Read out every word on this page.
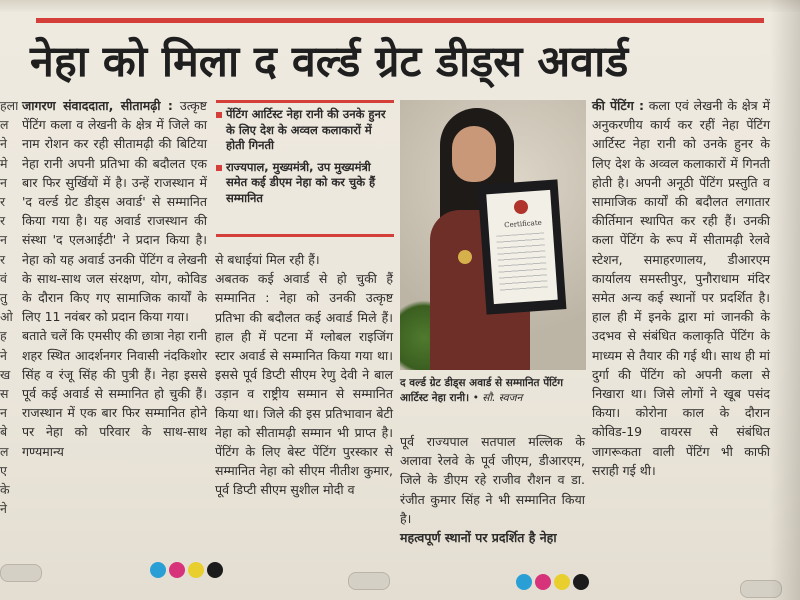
नेहा को मिला द वर्ल्ड ग्रेट डीड्स अवार्ड
हला
ल
ने
मे
न
र
र
न
र
वं
तु
ओ
ह
ने
ख
स
न
बे
ल
ए
के
ने

जागरण संवाददाता, सीतामढ़ी : उत्कृष्ट पेंटिंग कला व लेखनी के क्षेत्र में जिले का नाम रोशन कर रही सीतामढ़ी की बिटिया नेहा रानी अपनी प्रतिभा की बदौलत एक बार फिर सुर्खियों में है। उन्हें राजस्थान में 'द वर्ल्ड ग्रेट डीड्स अवार्ड' से सम्मानित किया गया है। यह अवार्ड राजस्थान की संस्था 'द एलआईटी' ने प्रदान किया है। नेहा को यह अवार्ड उनकी पेंटिंग व लेखनी के साथ-साथ जल संरक्षण, योग, कोविड के दौरान किए गए सामाजिक कार्यों के लिए 11 नवंबर को प्रदान किया गया।

बताते चलें कि एमसीए की छात्रा नेहा रानी शहर स्थित आदर्शनगर निवासी नंदकिशोर सिंह व रंजू सिंह की पुत्री हैं। नेहा इससे पूर्व कई अवार्ड से सम्मानित हो चुकी हैं। राजस्थान में एक बार फिर सम्मानित होने पर नेहा को परिवार के साथ-साथ गण्यमान्य

पेंटिंग आर्टिस्ट नेहा रानी की उनके हुनर के लिए देश के अव्वल कलाकारों में होती गिनती
राज्यपाल, मुख्यमंत्री, उप मुख्यमंत्री समेत कई डीएम नेहा को कर चुके हैं सम्मानित

से बधाईयां मिल रही हैं।

अबतक कई अवार्ड से हो चुकी हैं सम्मानित : नेहा को उनकी उत्कृष्ट प्रतिभा की बदौलत कई अवार्ड मिले हैं। हाल ही में पटना में ग्लोबल राइजिंग स्टार अवार्ड से सम्मानित किया गया था। इससे पूर्व डिप्टी सीएम रेणु देवी ने बाल उड़ान व राष्ट्रीय सम्मान से सम्मानित किया था। जिले की इस प्रतिभावान बेटी नेहा को सीतामढ़ी सम्मान भी प्राप्त है। पेंटिंग के लिए बेस्ट पेंटिंग पुरस्कार से सम्मानित नेहा को सीएम नीतीश कुमार, पूर्व डिप्टी सीएम सुशील मोदी व

Certificate
द वर्ल्ड ग्रेट डीड्स अवार्ड से सम्मानित पेंटिंग आर्टिस्ट नेहा रानी। • सौ. स्वजन

पूर्व राज्यपाल सतपाल मल्लिक के अलावा रेलवे के पूर्व जीएम, डीआरएम, जिले के डीएम रहे राजीव रौशन व डा. रंजीत कुमार सिंह ने भी सम्मानित किया है।

महत्वपूर्ण स्थानों पर प्रदर्शित है नेहा

की पेंटिंग : कला एवं लेखनी के क्षेत्र में अनुकरणीय कार्य कर रहीं नेहा पेंटिंग आर्टिस्ट नेहा रानी को उनके हुनर के लिए देश के अव्वल कलाकारों में गिनती होती है। अपनी अनूठी पेंटिंग प्रस्तुति व सामाजिक कार्यों की बदौलत लगातार कीर्तिमान स्थापित कर रही हैं। उनकी कला पेंटिंग के रूप में सीतामढ़ी रेलवे स्टेशन, समाहरणालय, डीआरएम कार्यालय समस्तीपुर, पुनौराधाम मंदिर समेत अन्य कई स्थानों पर प्रदर्शित है। हाल ही में इनके द्वारा मां जानकी के उदभव से संबंधित कलाकृति पेंटिंग के माध्यम से तैयार की गई थी। साथ ही मां दुर्गा की पेंटिंग को अपनी कला से निखारा था। जिसे लोगों ने खूब पसंद किया। कोरोना काल के दौरान कोविड-19 वायरस से संबंधित जागरूकता वाली पेंटिंग भी काफी सराही गई थी।
